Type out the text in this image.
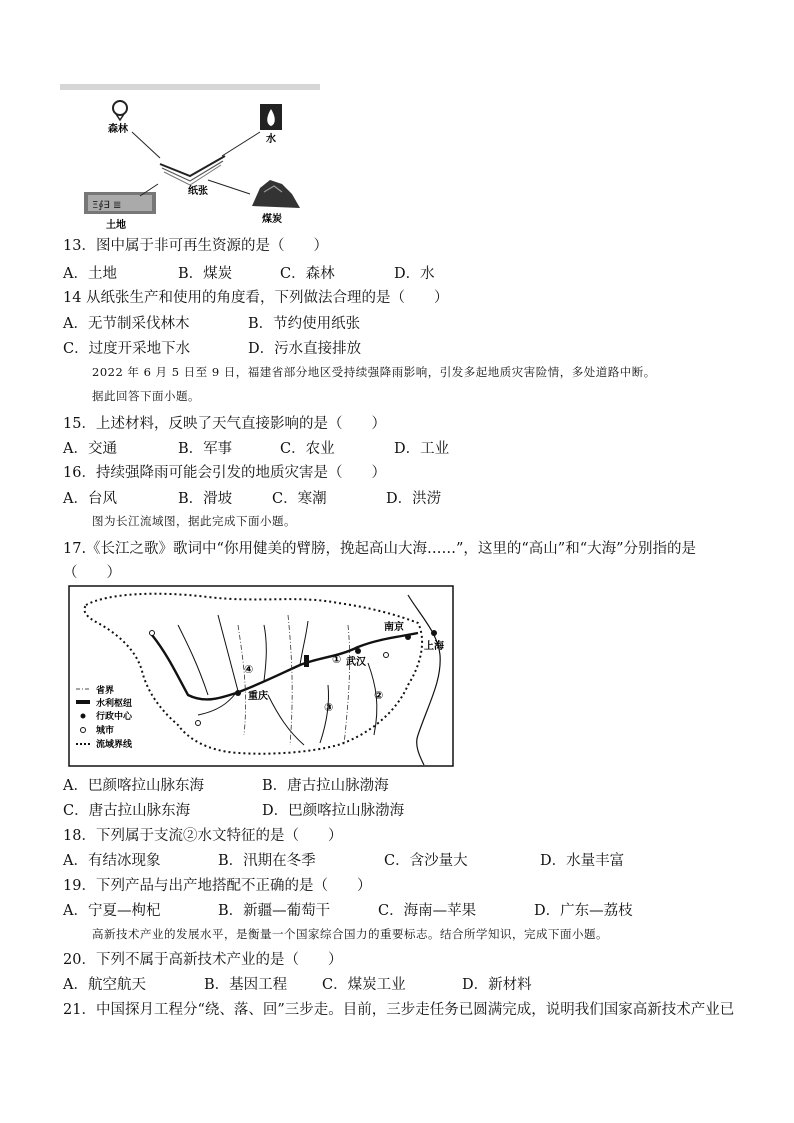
Ξ∮∃ ≣
森林
水
纸张
土地
煤炭
13．图中属于非可再生资源的是（　　）
A．土地	B．煤炭	C．森林	D．水
14 从纸张生产和使用的角度看，下列做法合理的是（　　）
A．无节制采伐林木	B．节约使用纸张
C．过度开采地下水	D．污水直接排放
2022 年 6 月 5 日至 9 日，福建省部分地区受持续强降雨影响，引发多起地质灾害险情，多处道路中断。
据此回答下面小题。
15．上述材料，反映了天气直接影响的是（　　）
A．交通	B．军事	C．农业	D．工业
16．持续强降雨可能会引发的地质灾害是（　　）
A．台风	B．滑坡	C．寒潮	D．洪涝
图为长江流域图，据此完成下面小题。
17.《长江之歌》歌词中“你用健美的臂膀，挽起高山大海……”，这里的“高山”和“大海”分别指的是
（　　）
南京
上海
武汉
重庆
①
②
③
④
省界
水利枢纽
行政中心
城市
流域界线
A．巴颜喀拉山脉东海	B．唐古拉山脉渤海
C．唐古拉山脉东海	D．巴颜喀拉山脉渤海
18．下列属于支流②水文特征的是（　　）
A．有结冰现象	B．汛期在冬季	C．含沙量大	D．水量丰富
19．下列产品与出产地搭配不正确的是（　　）
A．宁夏—枸杞	B．新疆—葡萄干	C．海南—苹果	D．广东—荔枝
高新技术产业的发展水平，是衡量一个国家综合国力的重要标志。结合所学知识，完成下面小题。
20．下列不属于高新技术产业的是（　　）
A．航空航天	B．基因工程 C．煤炭工业	D．新材料
21．中国探月工程分“绕、落、回”三步走。目前，三步走任务已圆满完成，说明我们国家高新技术产业已
